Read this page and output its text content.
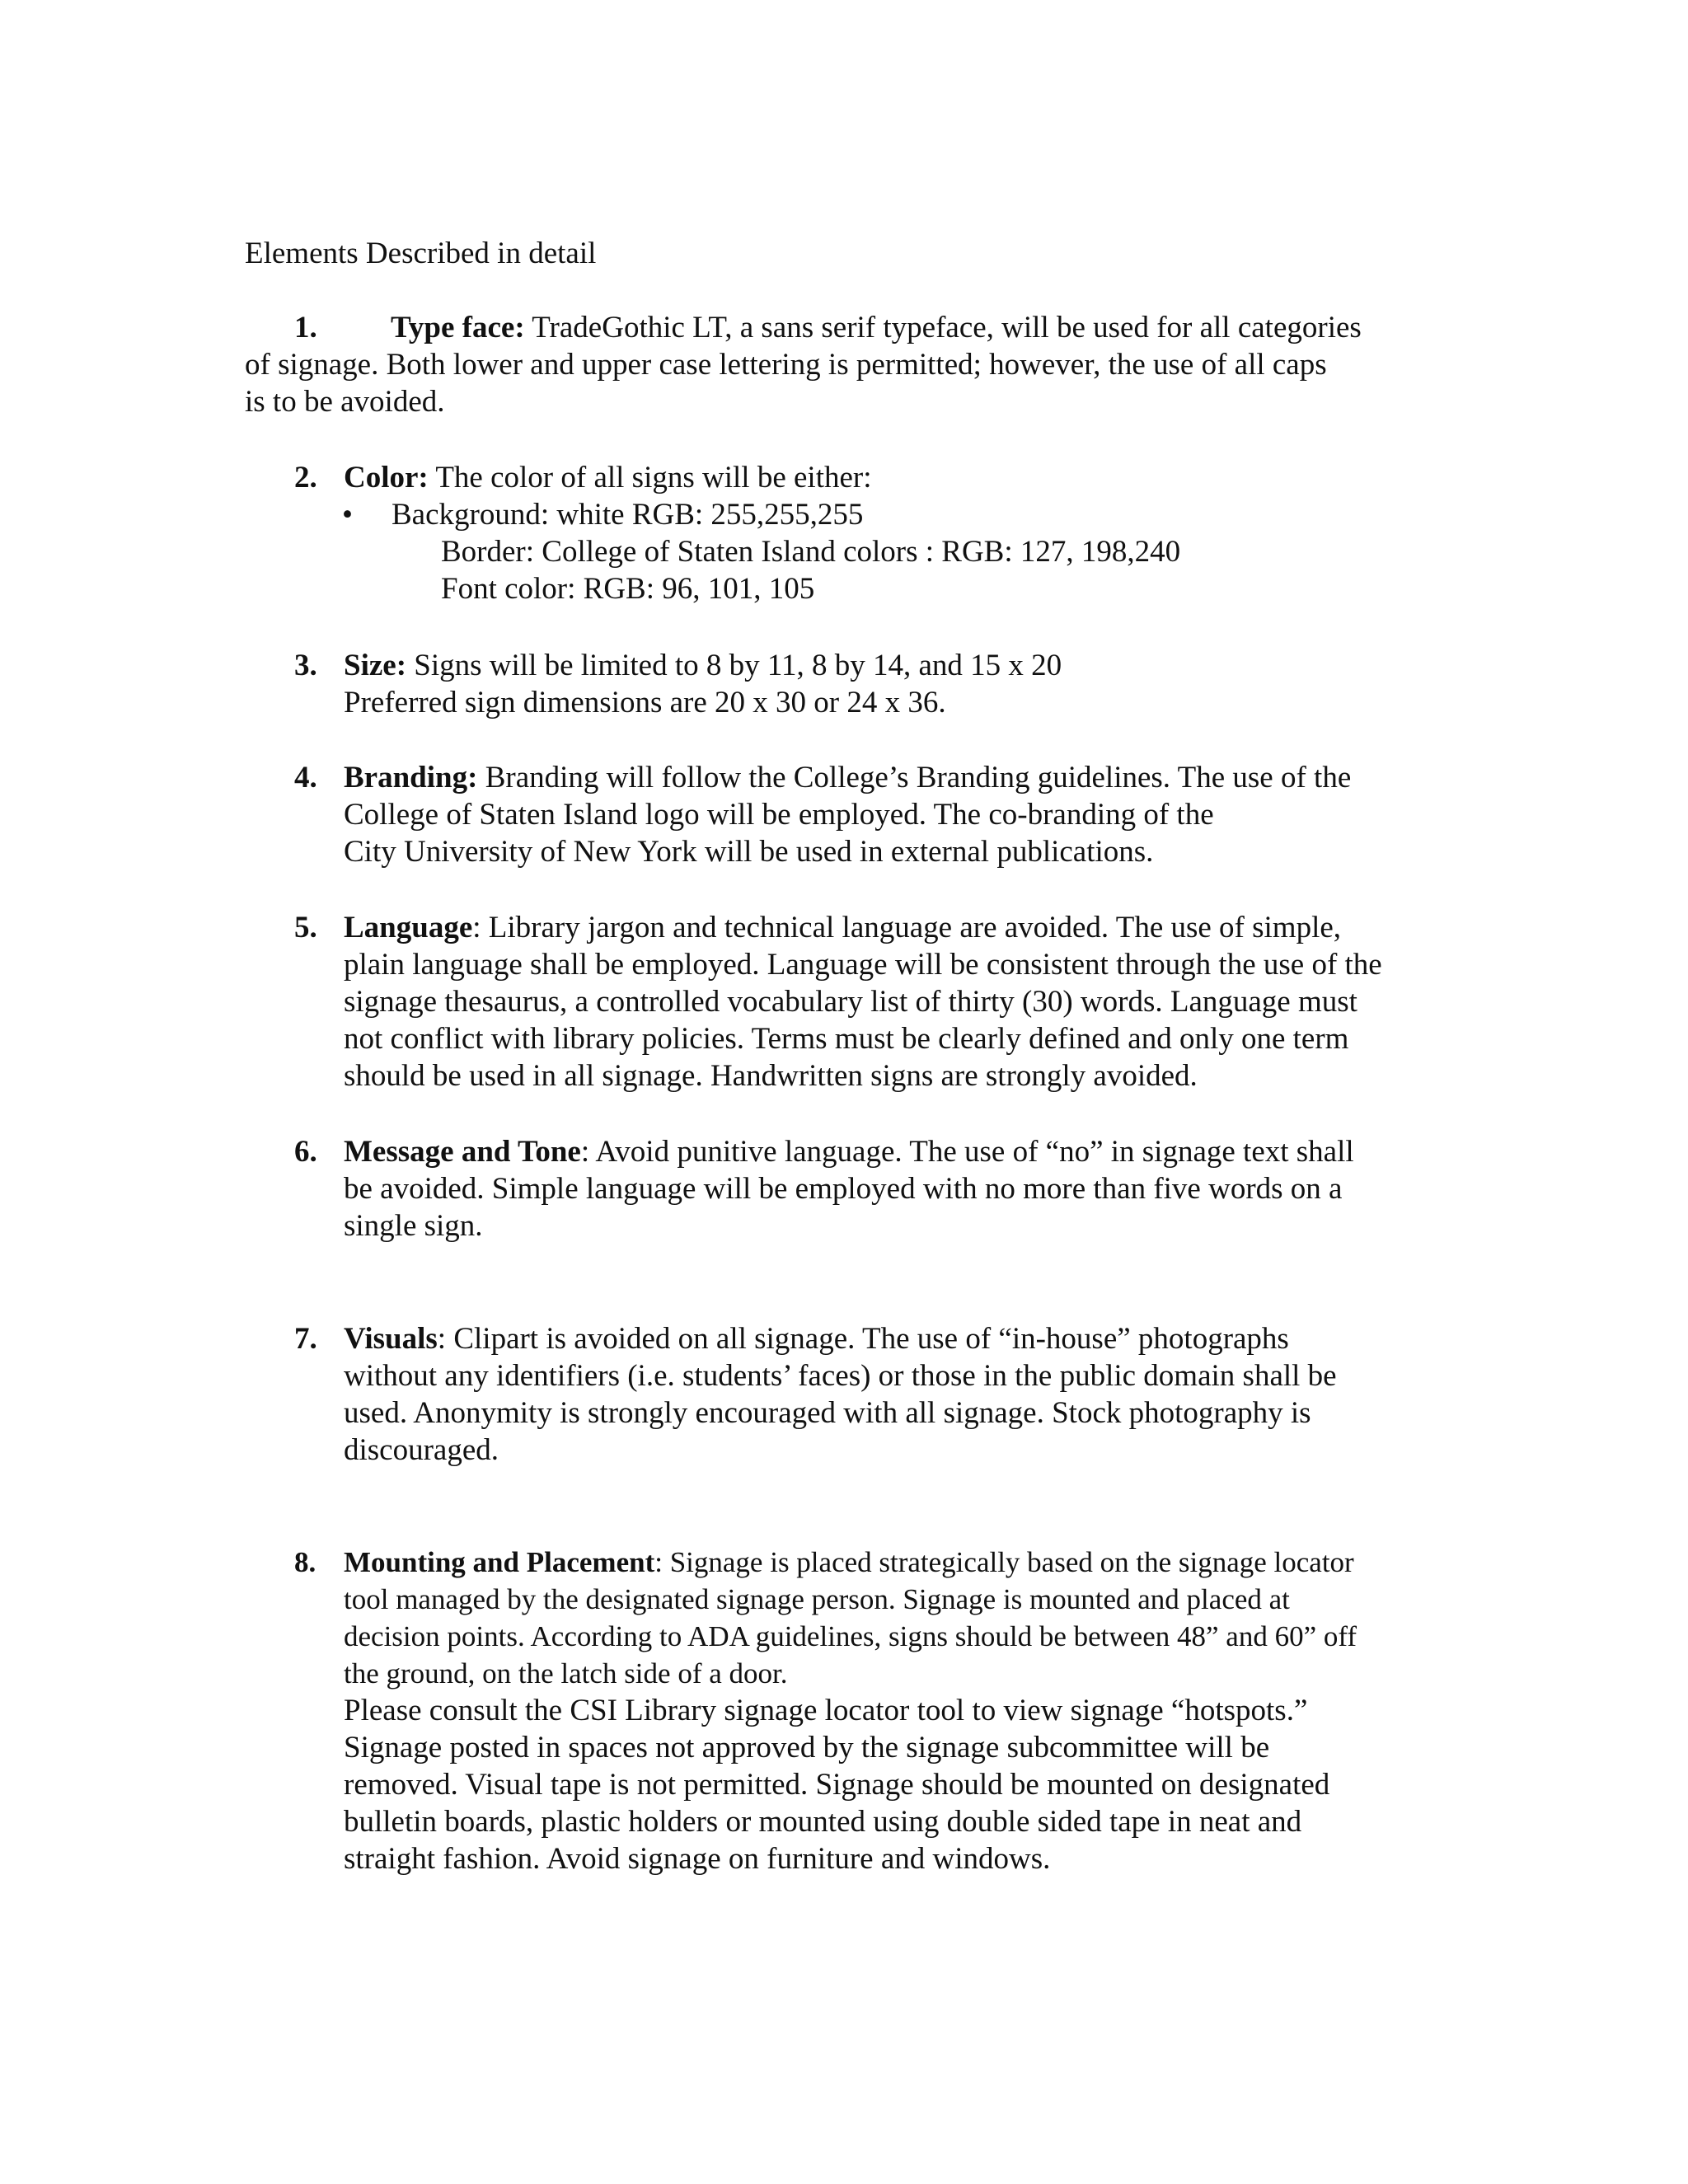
Elements Described in detail
1. Type face: TradeGothic LT, a sans serif typeface, will be used for all categories
of signage. Both lower and upper case lettering is permitted; however, the use of all caps
is to be avoided.
2. Color: The color of all signs will be either:
• Background: white RGB: 255,255,255
Border: College of Staten Island colors : RGB: 127, 198,240
Font color: RGB: 96, 101, 105
3. Size: Signs will be limited to 8 by 11, 8 by 14, and 15 x 20
Preferred sign dimensions are 20 x 30 or 24 x 36.
4. Branding: Branding will follow the College’s Branding guidelines. The use of the
College of Staten Island logo will be employed. The co-branding of the
City University of New York will be used in external publications.
5. Language: Library jargon and technical language are avoided. The use of simple,
plain language shall be employed. Language will be consistent through the use of the
signage thesaurus, a controlled vocabulary list of thirty (30) words. Language must
not conflict with library policies. Terms must be clearly defined and only one term
should be used in all signage. Handwritten signs are strongly avoided.
6. Message and Tone: Avoid punitive language. The use of “no” in signage text shall
be avoided. Simple language will be employed with no more than five words on a
single sign.
7. Visuals: Clipart is avoided on all signage. The use of “in-house” photographs
without any identifiers (i.e. students’ faces) or those in the public domain shall be
used. Anonymity is strongly encouraged with all signage. Stock photography is
discouraged.
8. Mounting and Placement: Signage is placed strategically based on the signage locator
tool managed by the designated signage person. Signage is mounted and placed at
decision points. According to ADA guidelines, signs should be between 48” and 60” off
the ground, on the latch side of a door.
Please consult the CSI Library signage locator tool to view signage “hotspots.”
Signage posted in spaces not approved by the signage subcommittee will be
removed. Visual tape is not permitted. Signage should be mounted on designated
bulletin boards, plastic holders or mounted using double sided tape in neat and
straight fashion. Avoid signage on furniture and windows.
